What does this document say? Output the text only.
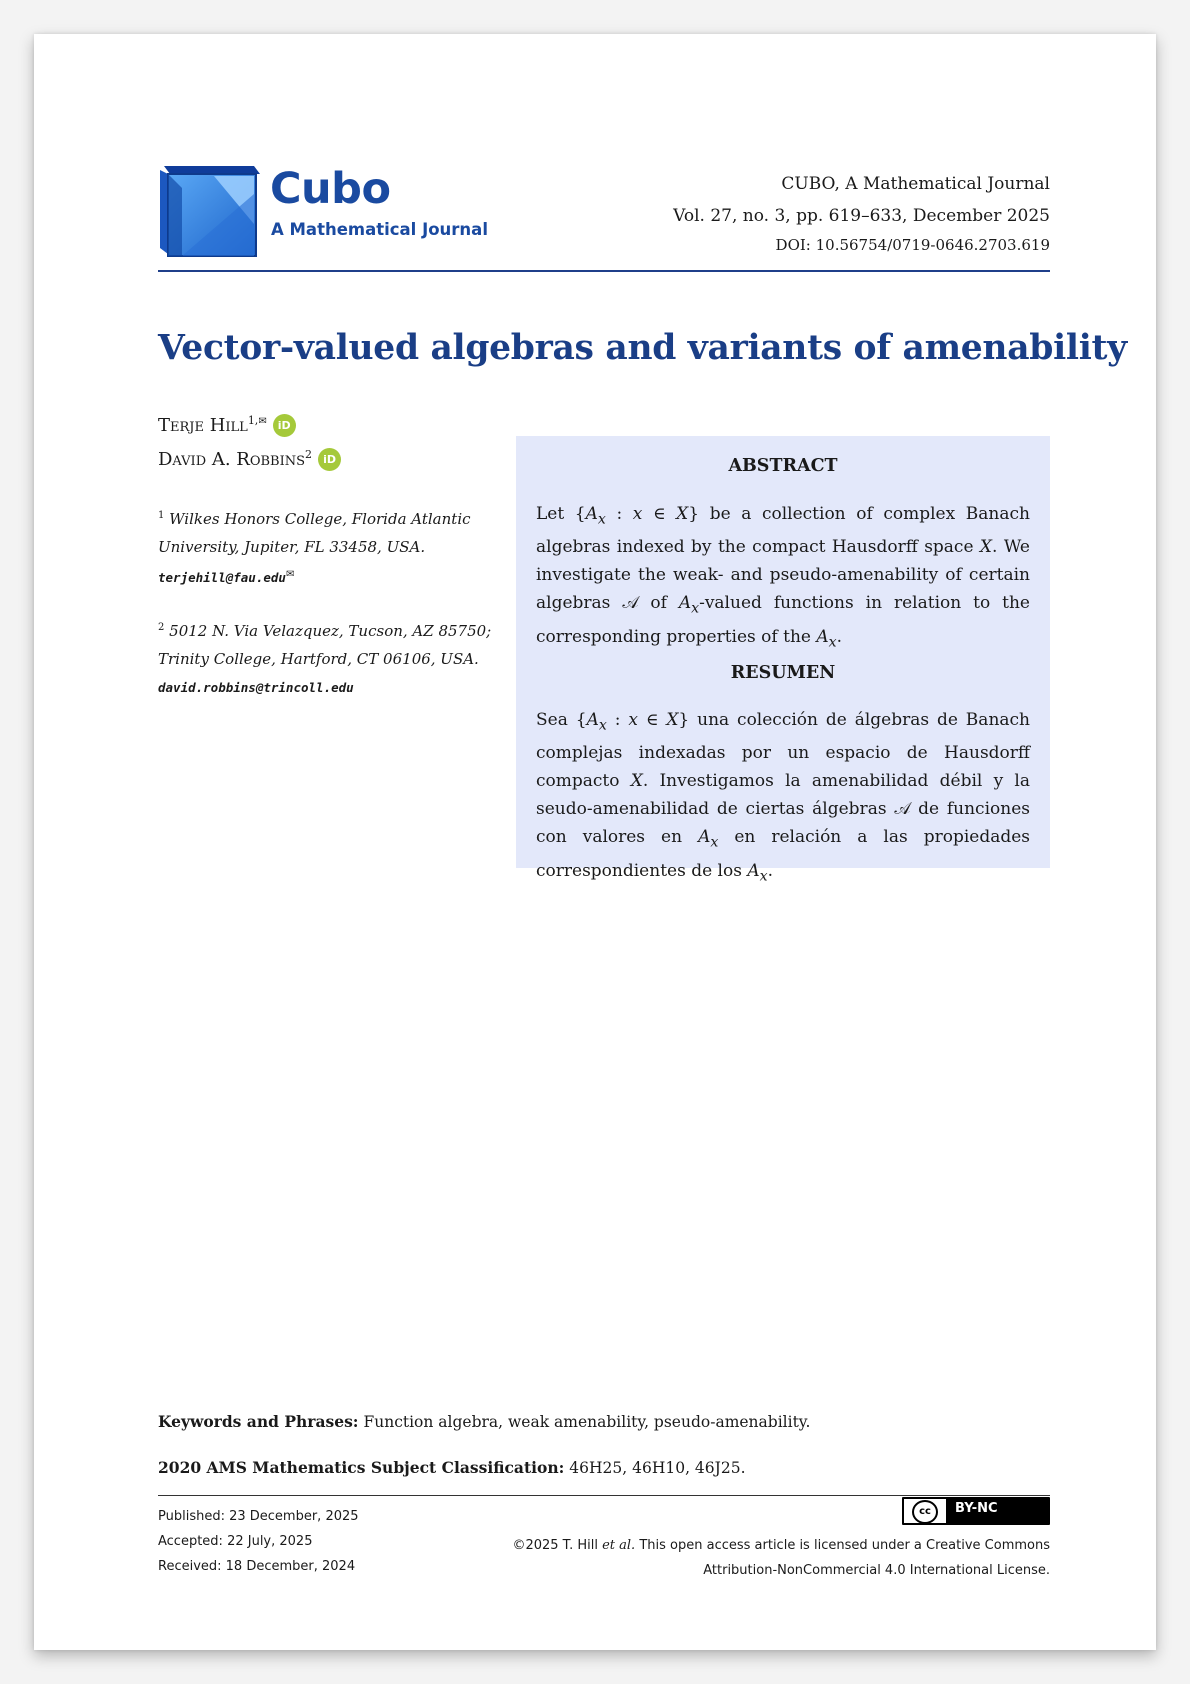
Cubo
A Mathematical Journal
CUBO, A Mathematical Journal
Vol. 27, no. 3, pp. 619–633, December 2025
DOI: 10.56754/0719-0646.2703.619
Vector-valued algebras and variants of amenability
Terje Hill$^{1,✉}$ iD
David A. Robbins$^2$ iD
$^1$ Wilkes Honors College, Florida Atlantic University, Jupiter, FL 33458, USA.
terjehill@fau.edu✉
$^2$ 5012 N. Via Velazquez, Tucson, AZ 85750; Trinity College, Hartford, CT 06106, USA.
david.robbins@trincoll.edu
ABSTRACT

Let {$A_x$ : x ∈ X} be a collection of complex Banach algebras indexed by the compact Hausdorff space X. We investigate the weak- and pseudo-amenability of certain algebras 𝒜 of $A_x$-valued functions in relation to the corresponding properties of the $A_x$.

RESUMEN

Sea {$A_x$ : x ∈ X} una colección de álgebras de Banach complejas indexadas por un espacio de Hausdorff compacto X. Investigamos la amenabilidad débil y la seudo-amenabilidad de ciertas álgebras 𝒜 de funciones con valores en $A_x$ en relación a las propiedades correspondientes de los $A_x$.

Keywords and Phrases: Function algebra, weak amenability, pseudo-amenability.
2020 AMS Mathematics Subject Classification: 46H25, 46H10, 46J25.
Published: 23 December, 2025
Accepted: 22 July, 2025
Received: 18 December, 2024
cc	BY-NC
©2025 T. Hill et al. This open access article is licensed under a Creative Commons
Attribution-NonCommercial 4.0 International License.
